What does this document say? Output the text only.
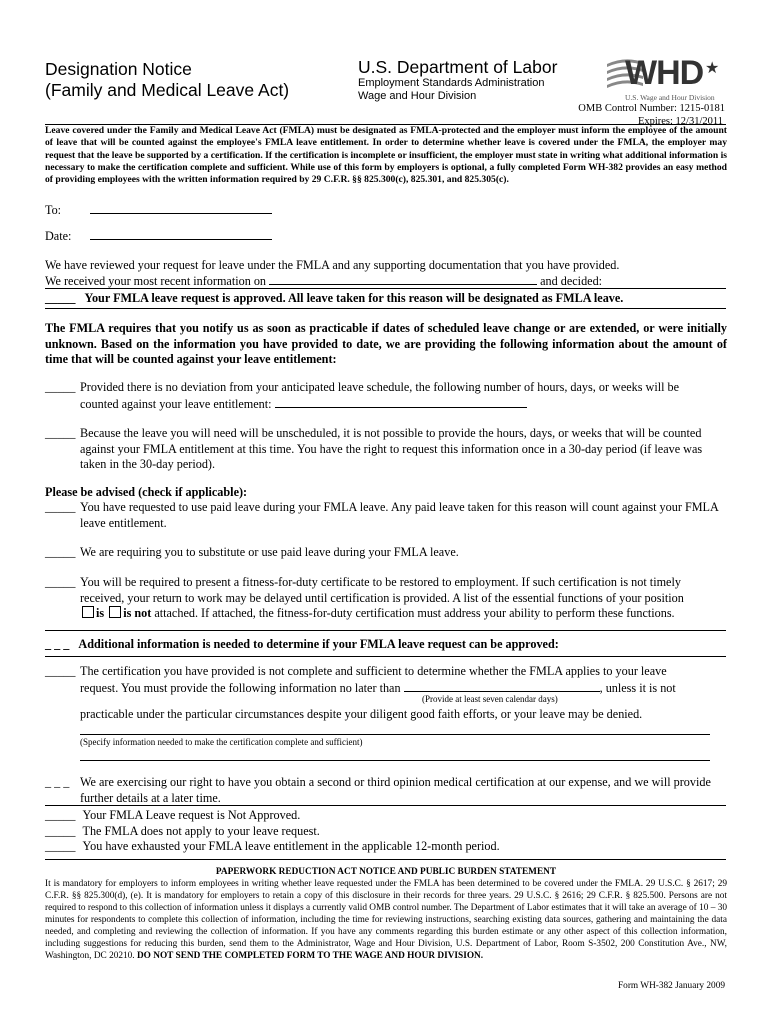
Designation Notice
(Family and Medical Leave Act)
U.S. Department of Labor
Employment Standards Administration
Wage and Hour Division
WHD ★
U.S. Wage and Hour Division
OMB Control Number: 1215-0181
Expires: 12/31/2011
Leave covered under the Family and Medical Leave Act (FMLA) must be designated as FMLA-protected and the employer must inform the employee of the amount of leave that will be counted against the employee's FMLA leave entitlement. In order to determine whether leave is covered under the FMLA, the employer may request that the leave be supported by a certification. If the certification is incomplete or insufficient, the employer must state in writing what additional information is necessary to make the certification complete and sufficient. While use of this form by employers is optional, a fully completed Form WH-382 provides an easy method of providing employees with the written information required by 29 C.F.R. §§ 825.300(c), 825.301, and 825.305(c).
To:
Date:
We have reviewed your request for leave under the FMLA and any supporting documentation that you have provided.
We received your most recent information on	and decided:
_____ Your FMLA leave request is approved. All leave taken for this reason will be designated as FMLA leave.
The FMLA requires that you notify us as soon as practicable if dates of scheduled leave change or are extended, or were initially unknown. Based on the information you have provided to date, we are providing the following information about the amount of time that will be counted against your leave entitlement:
_____ Provided there is no deviation from your anticipated leave schedule, the following number of hours, days, or weeks will be
counted against your leave entitlement:
_____ Because the leave you will need will be unscheduled, it is not possible to provide the hours, days, or weeks that will be counted against your FMLA entitlement at this time. You have the right to request this information once in a 30-day period (if leave was taken in the 30-day period).
Please be advised (check if applicable):
_____ You have requested to use paid leave during your FMLA leave. Any paid leave taken for this reason will count against your FMLA leave entitlement.
_____ We are requiring you to substitute or use paid leave during your FMLA leave.
_____ You will be required to present a fitness-for-duty certificate to be restored to employment. If such certification is not timely received, your return to work may be delayed until certification is provided. A list of the essential functions of your position
is is not attached. If attached, the fitness-for-duty certification must address your ability to perform these functions.
_ _ _ Additional information is needed to determine if your FMLA leave request can be approved:
_____ The certification you have provided is not complete and sufficient to determine whether the FMLA applies to your leave
request. You must provide the following information no later than	, unless it is not
(Provide at least seven calendar days)
practicable under the particular circumstances despite your diligent good faith efforts, or your leave may be denied.
(Specify information needed to make the certification complete and sufficient)
_ _ _ We are exercising our right to have you obtain a second or third opinion medical certification at our expense, and we will provide further details at a later time.
_____ Your FMLA Leave request is Not Approved.
_____ The FMLA does not apply to your leave request.
_____ You have exhausted your FMLA leave entitlement in the applicable 12-month period.
PAPERWORK REDUCTION ACT NOTICE AND PUBLIC BURDEN STATEMENT
It is mandatory for employers to inform employees in writing whether leave requested under the FMLA has been determined to be covered under the FMLA. 29 U.S.C. § 2617; 29 C.F.R. §§ 825.300(d), (e). It is mandatory for employers to retain a copy of this disclosure in their records for three years. 29 U.S.C. § 2616; 29 C.F.R. § 825.500. Persons are not required to respond to this collection of information unless it displays a currently valid OMB control number. The Department of Labor estimates that it will take an average of 10 – 30 minutes for respondents to complete this collection of information, including the time for reviewing instructions, searching existing data sources, gathering and maintaining the data needed, and completing and reviewing the collection of information. If you have any comments regarding this burden estimate or any other aspect of this collection information, including suggestions for reducing this burden, send them to the Administrator, Wage and Hour Division, U.S. Department of Labor, Room S-3502, 200 Constitution Ave., NW, Washington, DC 20210. DO NOT SEND THE COMPLETED FORM TO THE WAGE AND HOUR DIVISION.
Form WH-382 January 2009
